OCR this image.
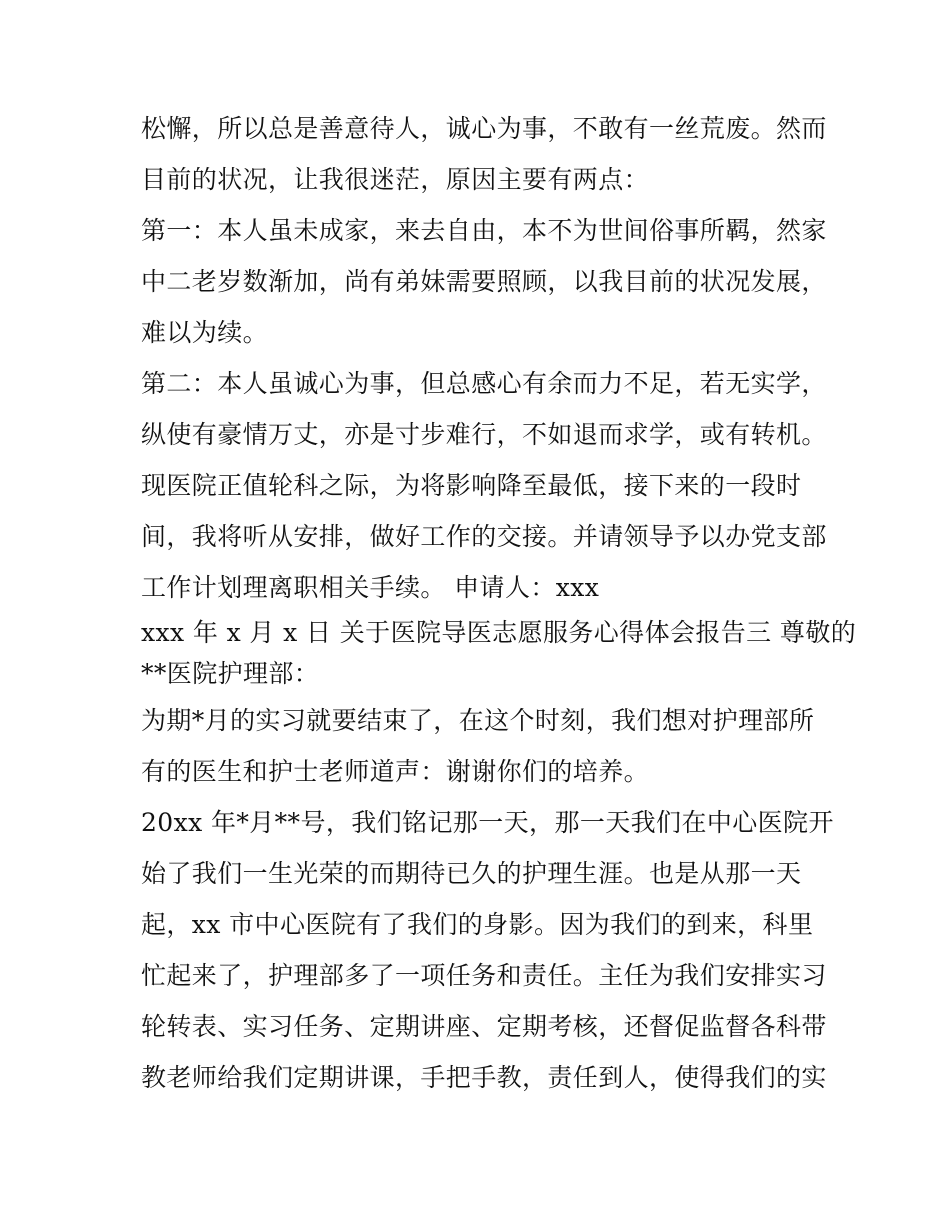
松懈，所以总是善意待人，诚心为事，不敢有一丝荒废。然而
目前的状况，让我很迷茫，原因主要有两点：
第一：本人虽未成家，来去自由，本不为世间俗事所羁，然家
中二老岁数渐加，尚有弟妹需要照顾，以我目前的状况发展，
难以为续。
第二：本人虽诚心为事，但总感心有余而力不足，若无实学，
纵使有豪情万丈，亦是寸步难行，不如退而求学，或有转机。
现医院正值轮科之际，为将影响降至最低，接下来的一段时
间，我将听从安排，做好工作的交接。并请领导予以办党支部
工作计划理离职相关手续。 申请人：xxx
xxx 年 x 月 x 日 关于医院导医志愿服务心得体会报告三 尊敬的
**医院护理部：
为期*月的实习就要结束了，在这个时刻，我们想对护理部所
有的医生和护士老师道声：谢谢你们的培养。
20xx 年*月**号，我们铭记那一天，那一天我们在中心医院开
始了我们一生光荣的而期待已久的护理生涯。也是从那一天
起，xx 市中心医院有了我们的身影。因为我们的到来，科里
忙起来了，护理部多了一项任务和责任。主任为我们安排实习
轮转表、实习任务、定期讲座、定期考核，还督促监督各科带
教老师给我们定期讲课，手把手教，责任到人，使得我们的实
